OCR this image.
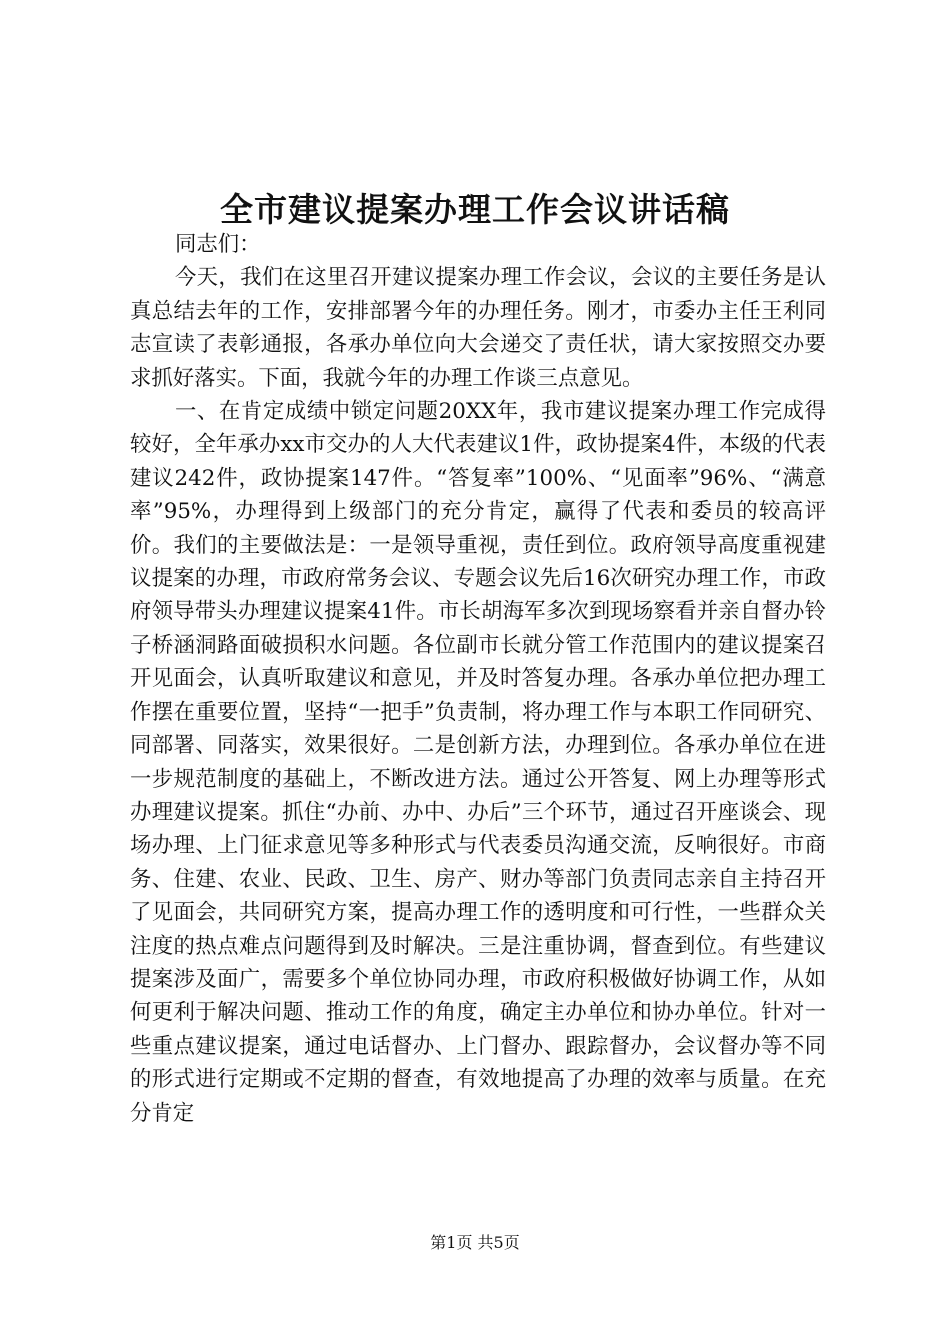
全市建议提案办理工作会议讲话稿

同志们：

今天，我们在这里召开建议提案办理工作会议，会议的主要任务是认真总结去年的工作，安排部署今年的办理任务。刚才，市委办主任王利同志宣读了表彰通报，各承办单位向大会递交了责任状，请大家按照交办要求抓好落实。下面，我就今年的办理工作谈三点意见。

一、在肯定成绩中锁定问题20XX年，我市建议提案办理工作完成得较好，全年承办xx市交办的人大代表建议1件，政协提案4件，本级的代表建议242件，政协提案147件。“答复率”100%、“见面率”96%、“满意率”95%，办理得到上级部门的充分肯定，赢得了代表和委员的较高评价。我们的主要做法是：一是领导重视，责任到位。政府领导高度重视建议提案的办理，市政府常务会议、专题会议先后16次研究办理工作，市政府领导带头办理建议提案41件。市长胡海军多次到现场察看并亲自督办铃子桥涵洞路面破损积水问题。各位副市长就分管工作范围内的建议提案召开见面会，认真听取建议和意见，并及时答复办理。各承办单位把办理工作摆在重要位置，坚持“一把手”负责制，将办理工作与本职工作同研究、同部署、同落实，效果很好。二是创新方法，办理到位。各承办单位在进一步规范制度的基础上，不断改进方法。通过公开答复、网上办理等形式办理建议提案。抓住“办前、办中、办后”三个环节，通过召开座谈会、现场办理、上门征求意见等多种形式与代表委员沟通交流，反响很好。市商务、住建、农业、民政、卫生、房产、财办等部门负责同志亲自主持召开了见面会，共同研究方案，提高办理工作的透明度和可行性，一些群众关注度的热点难点问题得到及时解决。三是注重协调，督查到位。有些建议提案涉及面广，需要多个单位协同办理，市政府积极做好协调工作，从如何更利于解决问题、推动工作的角度，确定主办单位和协办单位。针对一些重点建议提案，通过电话督办、上门督办、跟踪督办，会议督办等不同的形式进行定期或不定期的督查，有效地提高了办理的效率与质量。在充分肯定

第1页 共5页
